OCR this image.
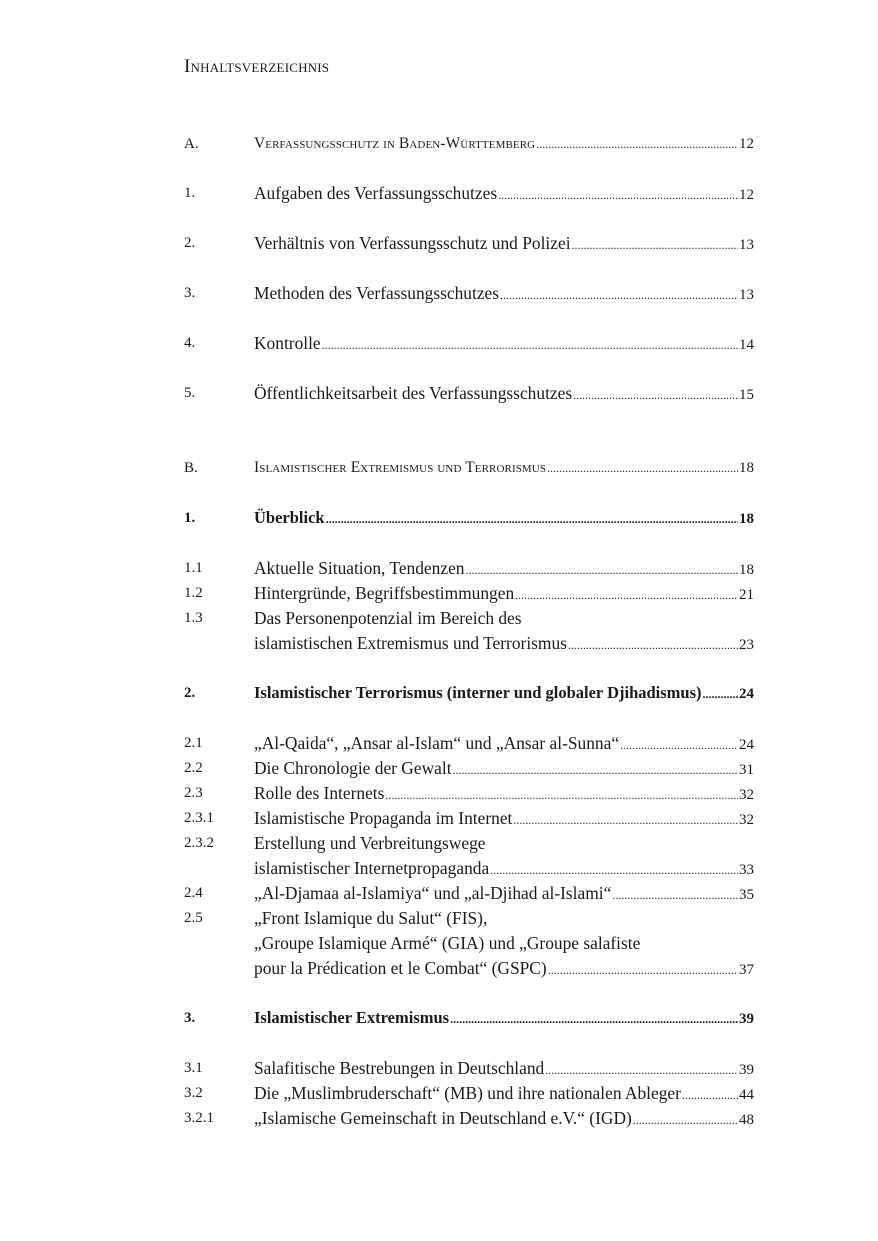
Inhaltsverzeichnis
A.	Verfassungsschutz in Baden-Württemberg .....	12
1.	Aufgaben des Verfassungsschutzes .....	12
2.	Verhältnis von Verfassungsschutz und Polizei .....	13
3.	Methoden des Verfassungsschutzes .....	13
4.	Kontrolle .....	14
5.	Öffentlichkeitsarbeit des Verfassungsschutzes .....	15
B.	Islamistischer Extremismus und Terrorismus .....	18
1.	Überblick .....	18
1.1	Aktuelle Situation, Tendenzen .....	18
1.2	Hintergründe, Begriffsbestimmungen .....	21
1.3	Das Personenpotenzial im Bereich des
islamistischen Extremismus und Terrorismus .....	23
2.	Islamistischer Terrorismus (interner und globaler Djihadismus) ..... 24
2.1	„Al-Qaida“, „Ansar al-Islam“ und „Ansar al-Sunna“ .....	24
2.2	Die Chronologie der Gewalt .....	31
2.3	Rolle des Internets .....	32
2.3.1 Islamistische Propaganda im Internet .....	32
2.3.2 Erstellung und Verbreitungswege
islamistischer Internetpropaganda .....	33
2.4	„Al-Djamaa al-Islamiya“ und „al-Djihad al-Islami“ .....	35
2.5	„Front Islamique du Salut“ (FIS),
„Groupe Islamique Armé“ (GIA) und „Groupe salafiste
pour la Prédication et le Combat“ (GSPC) .....	37
3.	Islamistischer Extremismus .....	39
3.1	Salafitische Bestrebungen in Deutschland .....	39
3.2	Die „Muslimbruderschaft“ (MB) und ihre nationalen Ableger .....	44
3.2.1 „Islamische Gemeinschaft in Deutschland e.V.“ (IGD) .....	48
